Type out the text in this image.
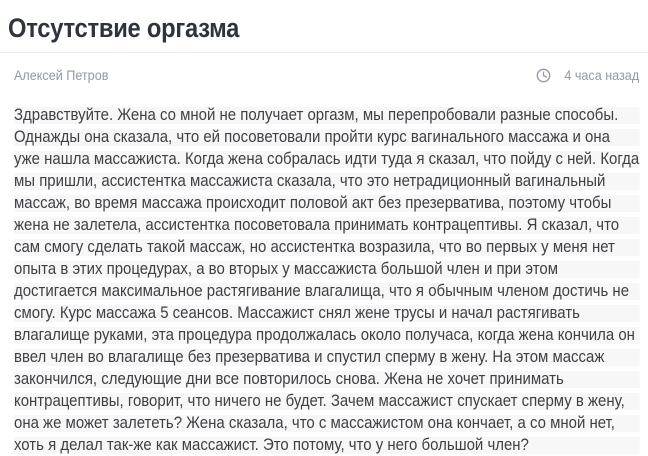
Отсутствие оргазма
Алексей Петров	4 часа назад

Здравствуйте. Жена со мной не получает оргазм, мы перепробовали разные способы. Однажды она сказала, что ей посоветовали пройти курс вагинального массажа и она уже нашла массажиста. Когда жена собралась идти туда я сказал, что пойду с ней. Когда мы пришли, ассистентка массажиста сказала, что это нетрадиционный вагинальный массаж, во время массажа происходит половой акт без презерватива, поэтому чтобы жена не залетела, ассистентка посоветовала принимать контрацептивы. Я сказал, что сам смогу сделать такой массаж, но ассистентка возразила, что во первых у меня нет опыта в этих процедурах, а во вторых у массажиста большой член и при этом достигается максимальное растягивание влагалища, что я обычным членом достичь не смогу. Курс массажа 5 сеансов. Массажист снял жене трусы и начал растягивать влагалище руками, эта процедура продолжалась около получаса, когда жена кончила он ввел член во влагалище без презерватива и спустил сперму в жену. На этом массаж закончился, следующие дни все повторилось снова. Жена не хочет принимать контрацептивы, говорит, что ничего не будет. Зачем массажист спускает сперму в жену, она же может залететь? Жена сказала, что с массажистом она кончает, а со мной нет, хоть я делал так-же как массажист. Это потому, что у него большой член?
